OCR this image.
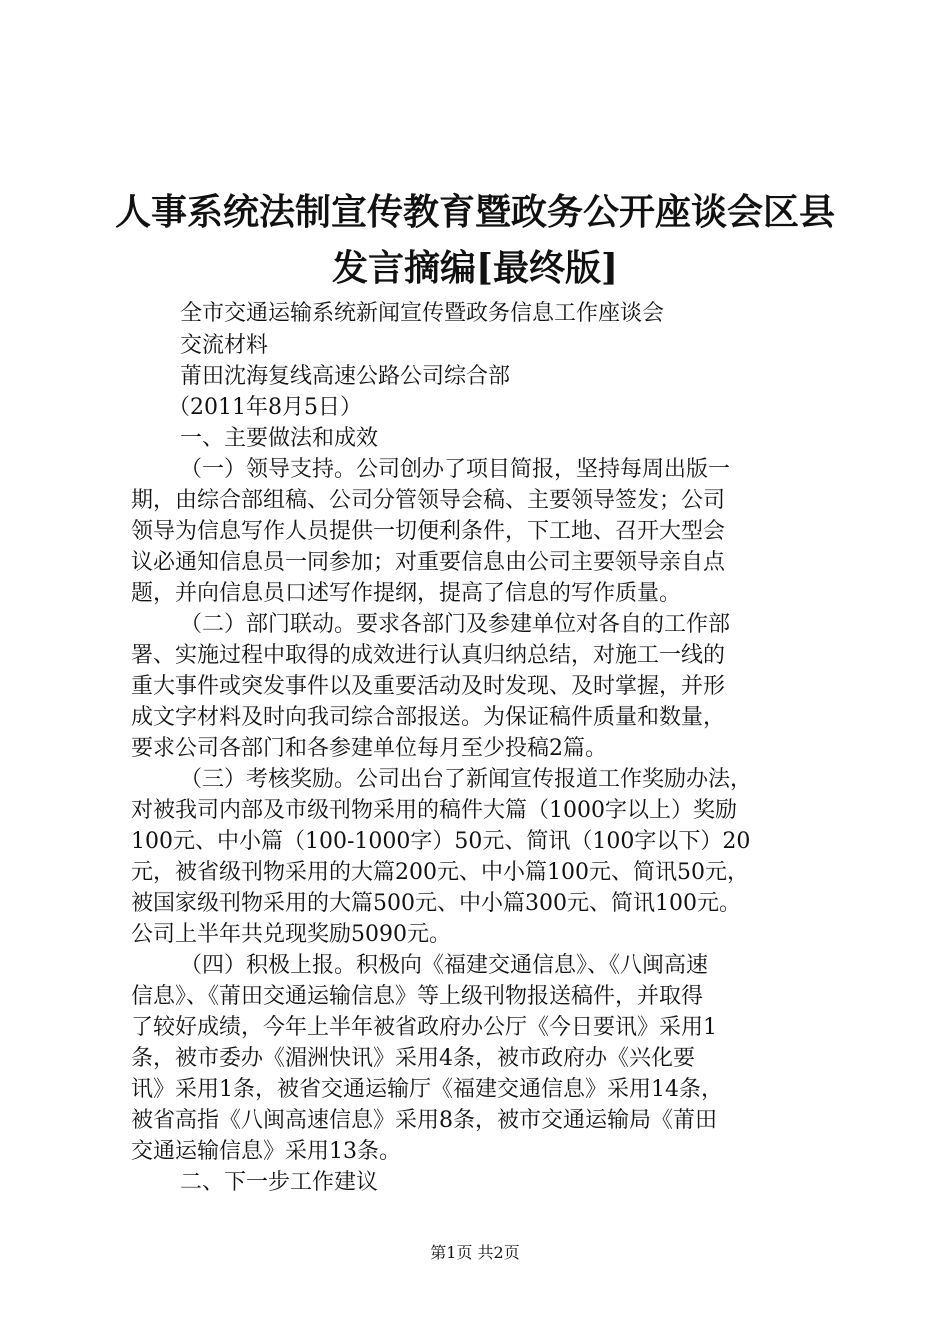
人事系统法制宣传教育暨政务公开座谈会区县
发言摘编[最终版]
全市交通运输系统新闻宣传暨政务信息工作座谈会
交流材料
莆田沈海复线高速公路公司综合部
（2011年8月5日）
一、主要做法和成效
（一）领导支持。公司创办了项目简报，坚持每周出版一
期，由综合部组稿、公司分管领导会稿、主要领导签发；公司
领导为信息写作人员提供一切便利条件，下工地、召开大型会
议必通知信息员一同参加；对重要信息由公司主要领导亲自点
题，并向信息员口述写作提纲，提高了信息的写作质量。
（二）部门联动。要求各部门及参建单位对各自的工作部
署、实施过程中取得的成效进行认真归纳总结，对施工一线的
重大事件或突发事件以及重要活动及时发现、及时掌握，并形
成文字材料及时向我司综合部报送。为保证稿件质量和数量，
要求公司各部门和各参建单位每月至少投稿2篇。
（三）考核奖励。公司出台了新闻宣传报道工作奖励办法，
对被我司内部及市级刊物采用的稿件大篇（1000字以上）奖励
100元、中小篇（100-1000字）50元、简讯（100字以下）20
元，被省级刊物采用的大篇200元、中小篇100元、简讯50元，
被国家级刊物采用的大篇500元、中小篇300元、简讯100元。
公司上半年共兑现奖励5090元。
（四）积极上报。积极向《福建交通信息》、《八闽高速
信息》、《莆田交通运输信息》等上级刊物报送稿件，并取得
了较好成绩，今年上半年被省政府办公厅《今日要讯》采用1
条，被市委办《湄洲快讯》采用4条，被市政府办《兴化要
讯》采用1条，被省交通运输厅《福建交通信息》采用14条，
被省高指《八闽高速信息》采用8条，被市交通运输局《莆田
交通运输信息》采用13条。
二、下一步工作建议
第1页 共2页
